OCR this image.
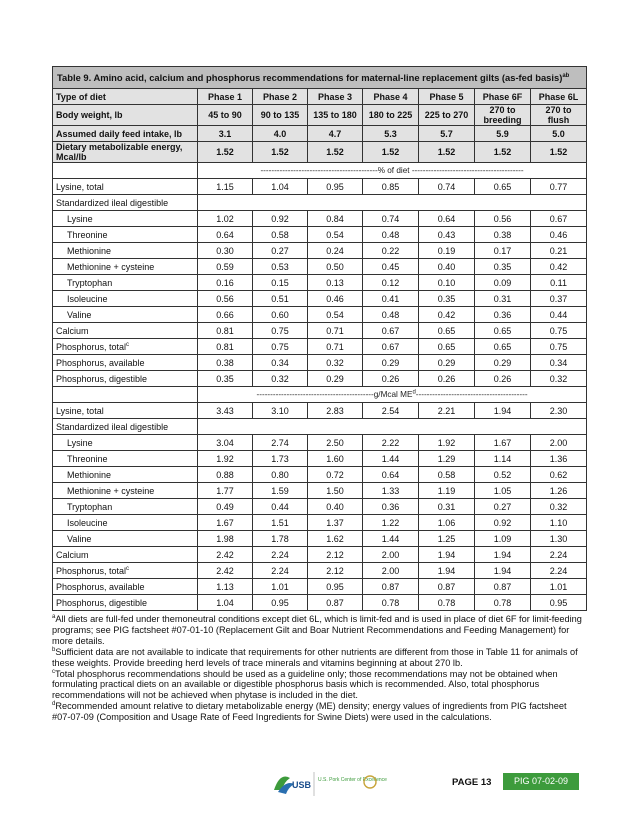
Table 9. Amino acid, calcium and phosphorus recommendations for maternal-line replacement gilts (as-fed basis)$^{ab}$
Type of diet	Phase 1	Phase 2	Phase 3	Phase 4	Phase 5	Phase 6F	Phase 6L
Body weight, lb	45 to 90	90 to 135	135 to 180	180 to 225	225 to 270	270 to breeding	270 to flush
Assumed daily feed intake, lb	3.1	4.0	4.7	5.3	5.7	5.9	5.0
Dietary metabolizable energy, Mcal/lb	1.52	1.52	1.52	1.52	1.52	1.52	1.52
	-------------------------------------------% of diet -----------------------------------------						
Lysine, total	1.15	1.04	0.95	0.85	0.74	0.65	0.77
Standardized ileal digestible							
Lysine	1.02	0.92	0.84	0.74	0.64	0.56	0.67
Threonine	0.64	0.58	0.54	0.48	0.43	0.38	0.46
Methionine	0.30	0.27	0.24	0.22	0.19	0.17	0.21
Methionine + cysteine	0.59	0.53	0.50	0.45	0.40	0.35	0.42
Tryptophan	0.16	0.15	0.13	0.12	0.10	0.09	0.11
Isoleucine	0.56	0.51	0.46	0.41	0.35	0.31	0.37
Valine	0.66	0.60	0.54	0.48	0.42	0.36	0.44
Calcium	0.81	0.75	0.71	0.67	0.65	0.65	0.75
Phosphorus, total$^c$	0.81	0.75	0.71	0.67	0.65	0.65	0.75
Phosphorus, available	0.38	0.34	0.32	0.29	0.29	0.29	0.34
Phosphorus, digestible	0.35	0.32	0.29	0.26	0.26	0.26	0.32
	-------------------------------------------g/Mcal $ME^d-----------------------------------------$						
Lysine, total	3.43	3.10	2.83	2.54	2.21	1.94	2.30
Standardized ileal digestible							
Lysine	3.04	2.74	2.50	2.22	1.92	1.67	2.00
Threonine	1.92	1.73	1.60	1.44	1.29	1.14	1.36
Methionine	0.88	0.80	0.72	0.64	0.58	0.52	0.62
Methionine + cysteine	1.77	1.59	1.50	1.33	1.19	1.05	1.26
Tryptophan	0.49	0.44	0.40	0.36	0.31	0.27	0.32
Isoleucine	1.67	1.51	1.37	1.22	1.06	0.92	1.10
Valine	1.98	1.78	1.62	1.44	1.25	1.09	1.30
Calcium	2.42	2.24	2.12	2.00	1.94	1.94	2.24
Phosphorus, total$^c$	2.42	2.24	2.12	2.00	1.94	1.94	2.24
Phosphorus, available	1.13	1.01	0.95	0.87	0.87	0.87	1.01
Phosphorus, digestible	1.04	0.95	0.87	0.78	0.78	0.78	0.95

$^a$All diets are full-fed under themoneutral conditions except diet 6L, which is limit-fed and is used in place of diet 6F for limit-feeding programs; see PIG factsheet #07-01-10 (Replacement Gilt and Boar Nutrient Recommendations and Feeding Management) for more details.

$^b$Sufficient data are not available to indicate that requirements for other nutrients are different from those in Table 11 for animals of these weights. Provide breeding herd levels of trace minerals and vitamins beginning at about 270 lb.

$^c$Total phosphorus recommendations should be used as a guideline only; those recommendations may not be obtained when formulating practical diets on an available or digestible phosphorus basis which is recommended. Also, total phosphorus recommendations will not be achieved when phytase is included in the diet.

$^d$Recommended amount relative to dietary metabolizable energy (ME) density; energy values of ingredients from PIG factsheet #07-07-09 (Composition and Usage Rate of Feed Ingredients for Swine Diets) were used in the calculations.

USB U.S. Pork Center of Excellence	PAGE 13	PIG 07-02-09
